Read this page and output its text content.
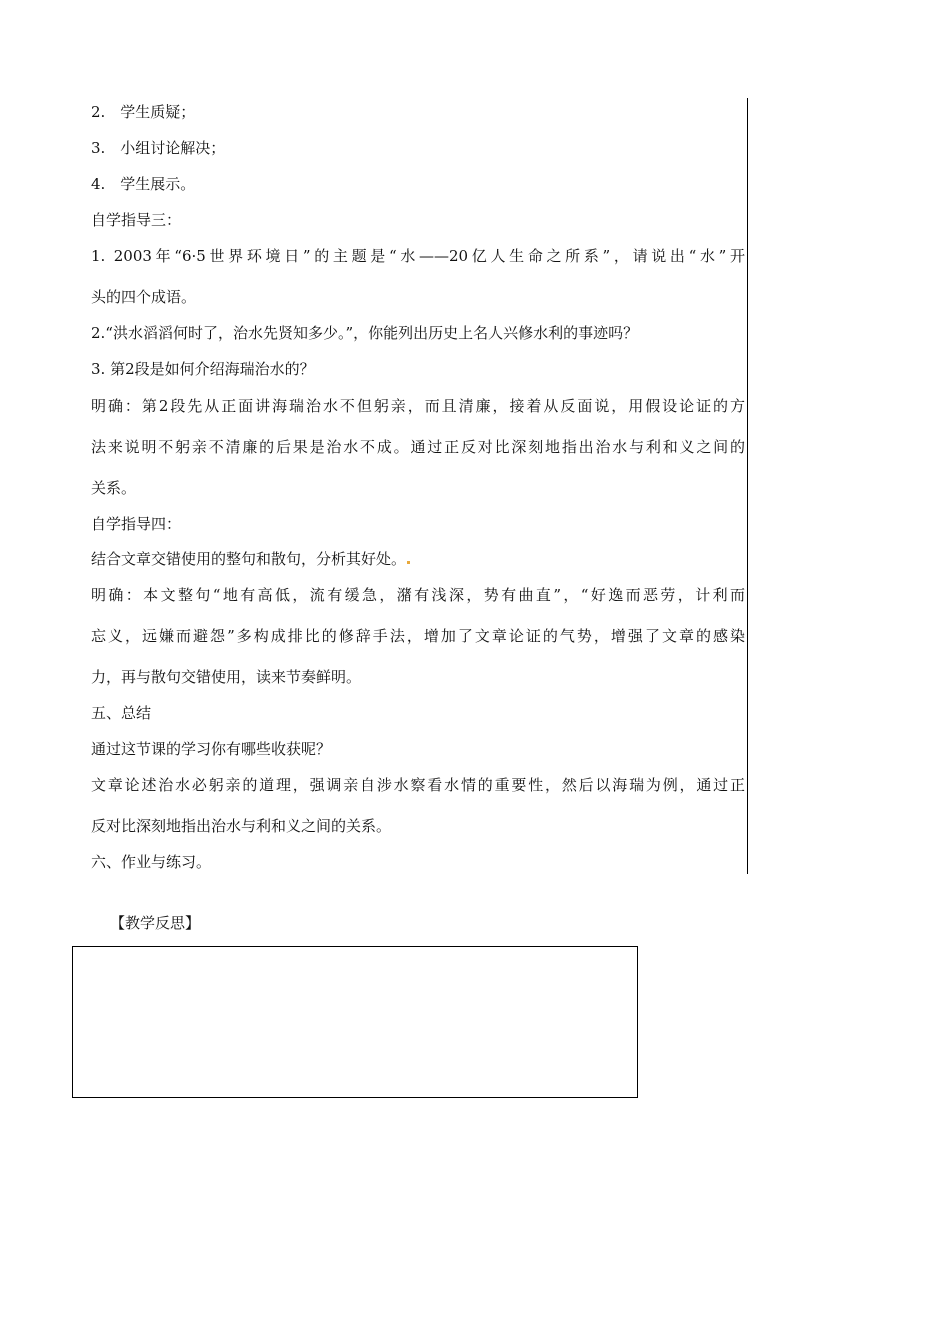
2.　学生质疑；
3.　小组讨论解决；
4.　学生展示。
自学指导三：
1. 2003年“6·5世界环境日”的主题是“水——20亿人生命之所系”，请说出“水”开
头的四个成语。
2.“洪水滔滔何时了，治水先贤知多少。”，你能列出历史上名人兴修水利的事迹吗？
3. 第2段是如何介绍海瑞治水的？
明确：第2段先从正面讲海瑞治水不但躬亲，而且清廉，接着从反面说，用假设论证的方
法来说明不躬亲不清廉的后果是治水不成。通过正反对比深刻地指出治水与利和义之间的
关系。
自学指导四：
结合文章交错使用的整句和散句，分析其好处。
明确：本文整句“地有高低，流有缓急，潴有浅深，势有曲直”，“好逸而恶劳，计利而
忘义，远嫌而避怨”多构成排比的修辞手法，增加了文章论证的气势，增强了文章的感染
力，再与散句交错使用，读来节奏鲜明。
五、总结
通过这节课的学习你有哪些收获呢？
文章论述治水必躬亲的道理，强调亲自涉水察看水情的重要性，然后以海瑞为例，通过正
反对比深刻地指出治水与利和义之间的关系。
六、作业与练习。
【教学反思】
